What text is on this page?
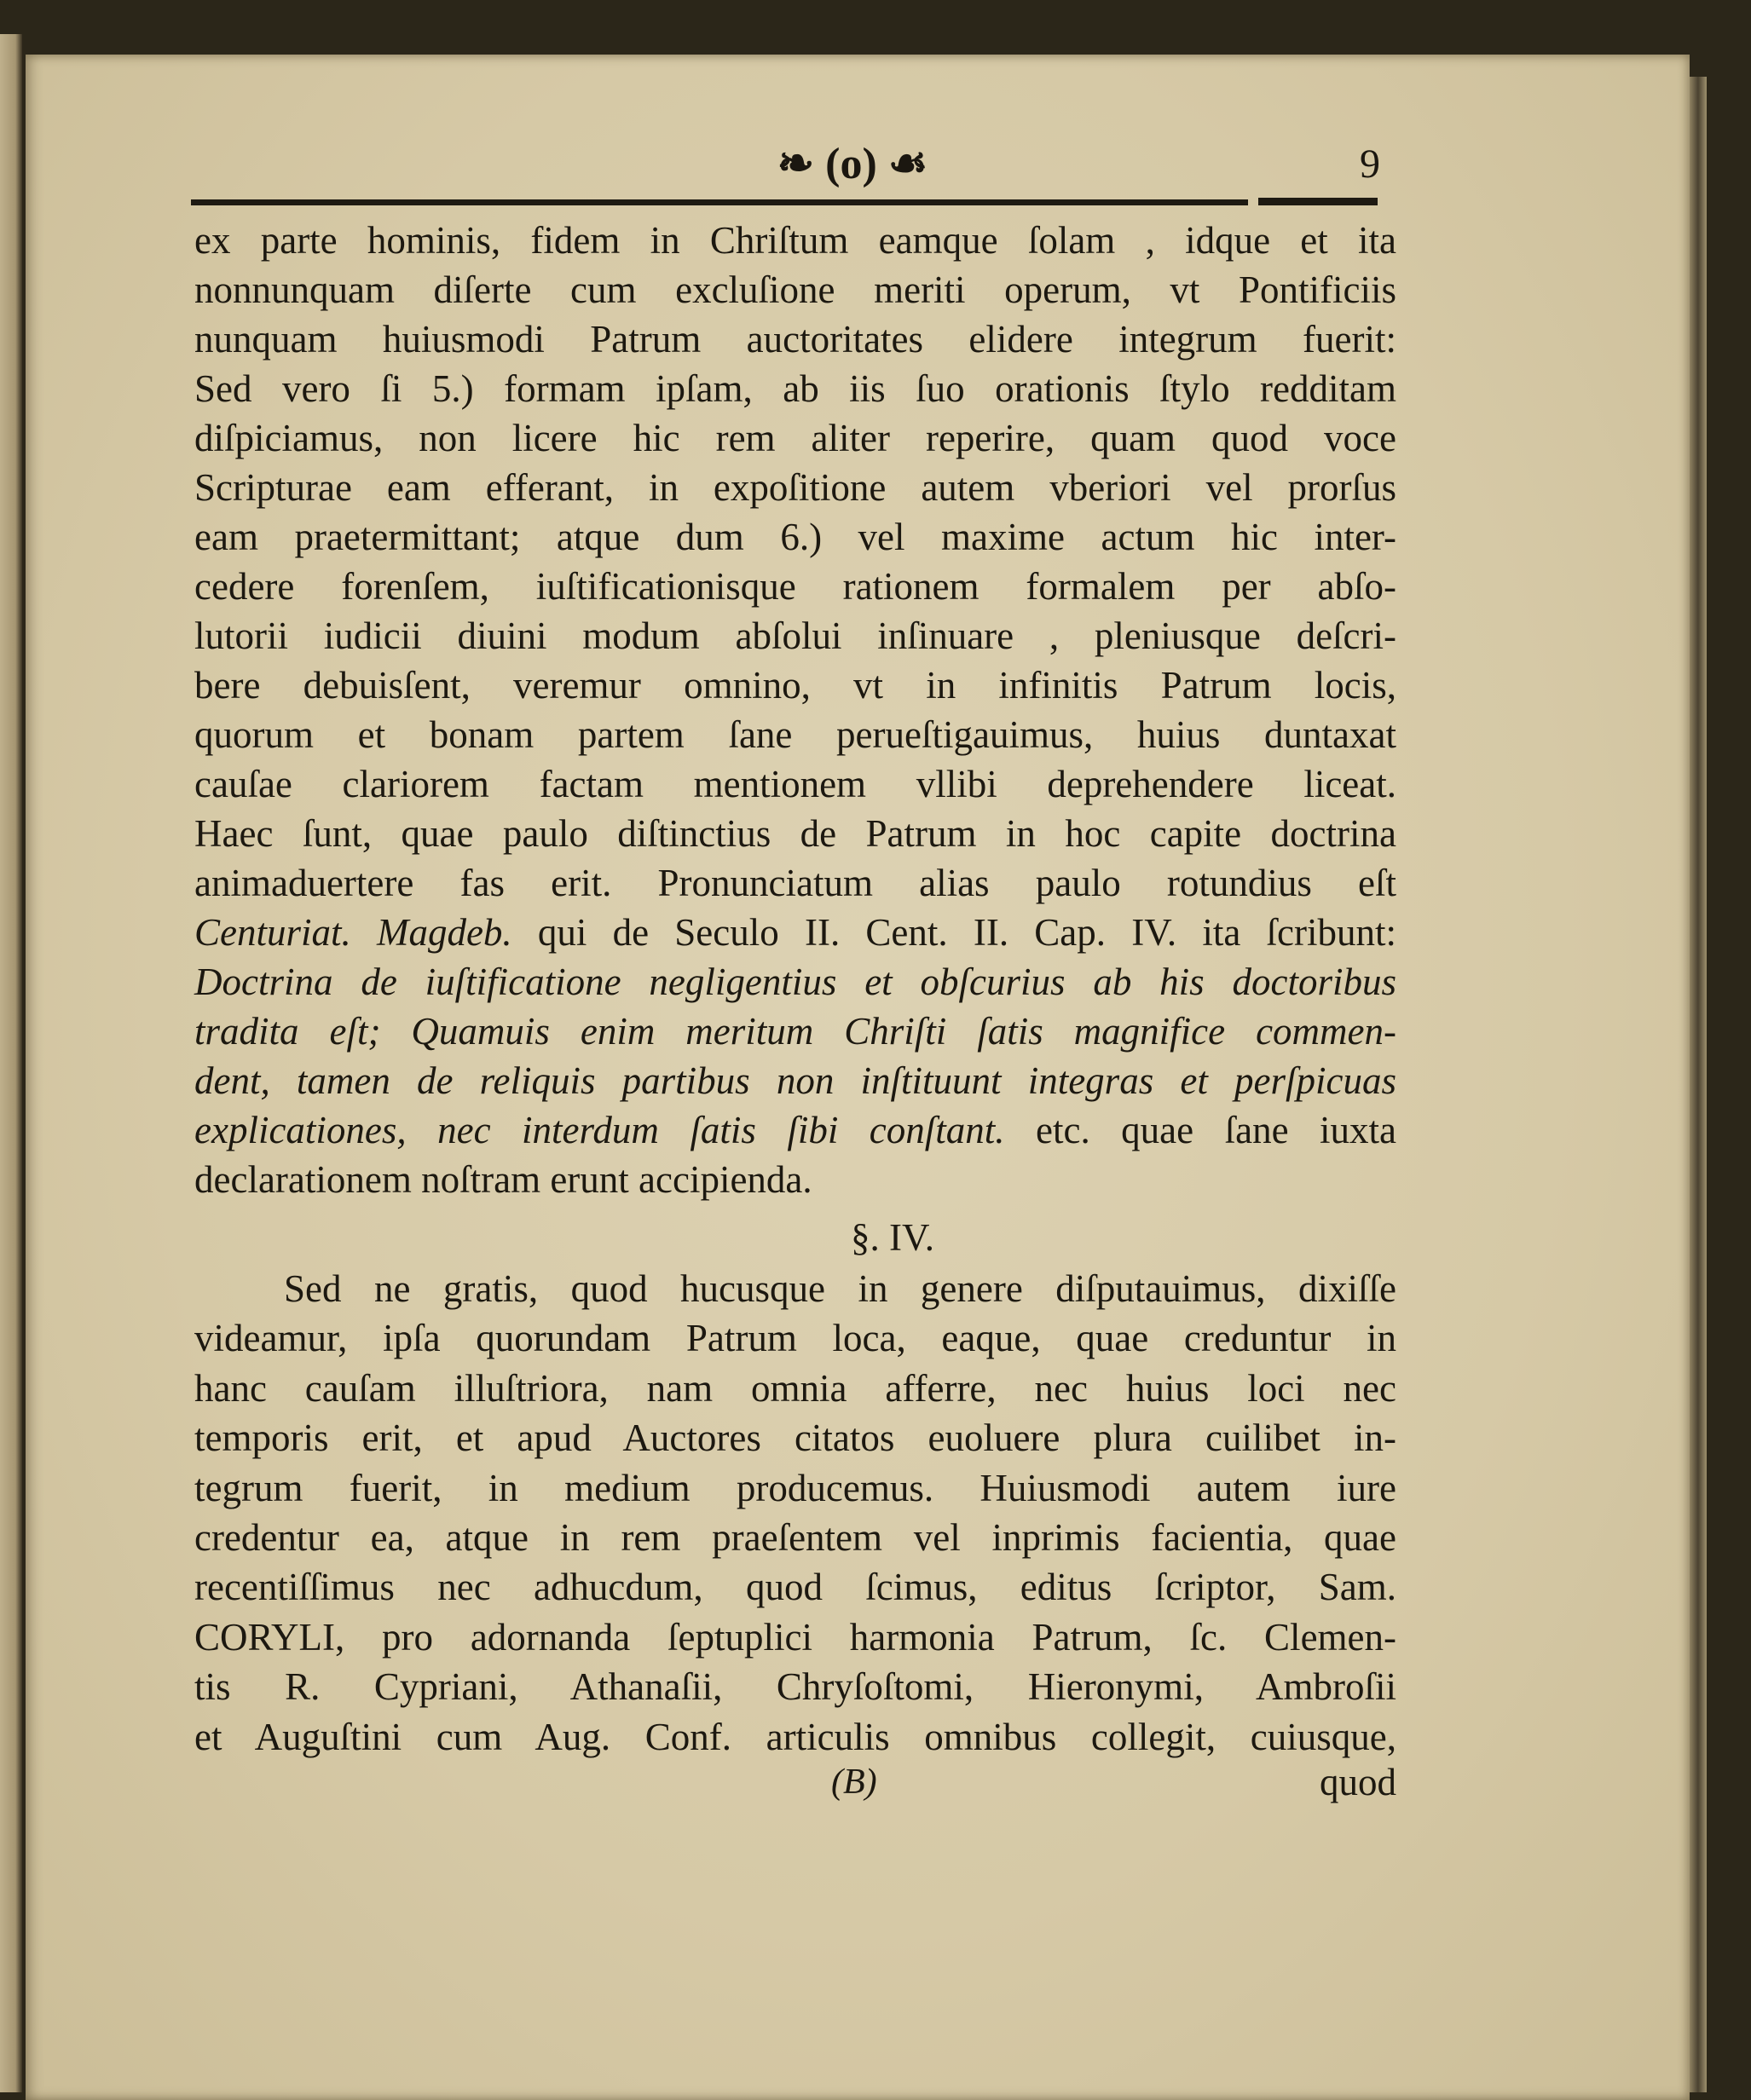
❧ (o) ☙	9
ex parte hominis, fidem in Chriſtum eamque ſolam , idque et ita
nonnunquam diſerte cum excluſione meriti operum, vt Pontificiis
nunquam huiusmodi Patrum auctoritates elidere integrum fuerit:
Sed vero ſi 5.) formam ipſam, ab iis ſuo orationis ſtylo redditam
diſpiciamus, non licere hic rem aliter reperire, quam quod voce
Scripturae eam efferant, in expoſitione autem vberiori vel prorſus
eam praetermittant; atque dum 6.) vel maxime actum hic inter-
cedere forenſem, iuſtificationisque rationem formalem per abſo-
lutorii iudicii diuini modum abſolui inſinuare , pleniusque deſcri-
bere debuisſent, veremur omnino, vt in infinitis Patrum locis,
quorum et bonam partem ſane perueſtigauimus, huius duntaxat
cauſae clariorem factam mentionem vllibi deprehendere liceat.
Haec ſunt, quae paulo diſtinctius de Patrum in hoc capite doctrina
animaduertere fas erit. Pronunciatum alias paulo rotundius eſt
Centuriat. Magdeb. qui de Seculo II. Cent. II. Cap. IV. ita ſcribunt:
Doctrina de iuſtificatione negligentius et obſcurius ab his doctoribus
tradita eſt; Quamuis enim meritum Chriſti ſatis magnifice commen-
dent, tamen de reliquis partibus non inſtituunt integras et perſpicuas
explicationes, nec interdum ſatis ſibi conſtant. etc. quae ſane iuxta
declarationem noſtram erunt accipienda.
§. IV.
Sed ne gratis, quod hucusque in genere diſputauimus, dixiſſe
videamur, ipſa quorundam Patrum loca, eaque, quae creduntur in
hanc cauſam illuſtriora, nam omnia afferre, nec huius loci nec
temporis erit, et apud Auctores citatos euoluere plura cuilibet in-
tegrum fuerit, in medium producemus. Huiusmodi autem iure
credentur ea, atque in rem praeſentem vel inprimis facientia, quae
recentiſſimus nec adhucdum, quod ſcimus, editus ſcriptor, Sam.
CORYLI, pro adornanda ſeptuplici harmonia Patrum, ſc. Clemen-
tis R. Cypriani, Athanaſii, Chryſoſtomi, Hieronymi, Ambroſii
et Auguſtini cum Aug. Conf. articulis omnibus collegit, cuiusque,
(B)	quod
